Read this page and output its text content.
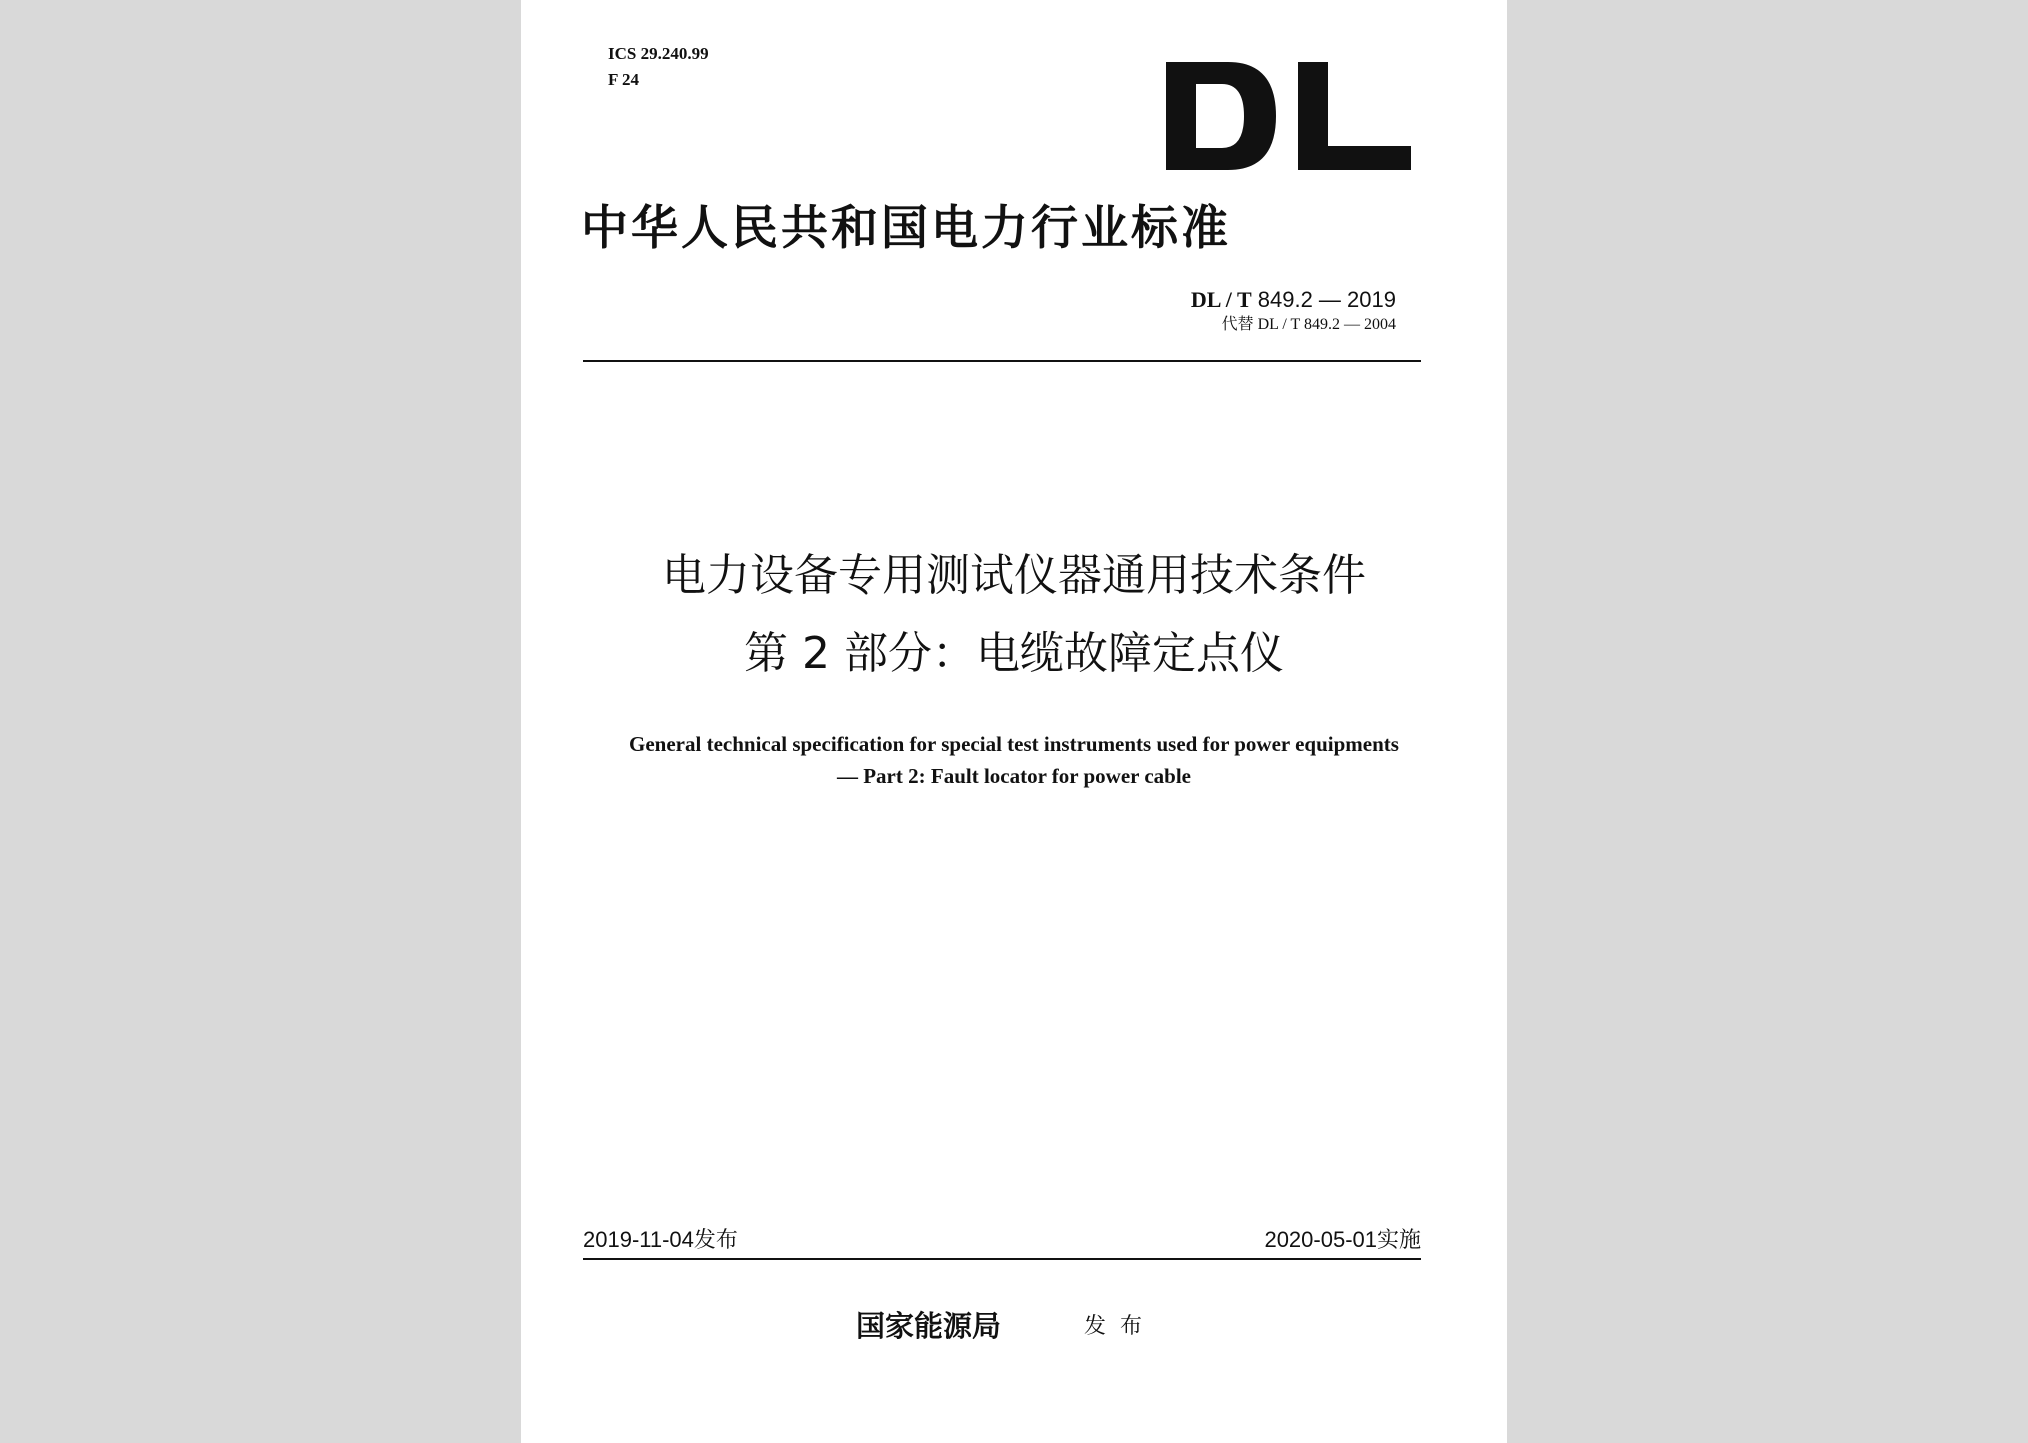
ICS 29.240.99
F 24
中华人民共和国电力行业标准
DL / T 849.2 — 2019
代替 DL / T 849.2 — 2004
电力设备专用测试仪器通用技术条件
第 2 部分：电缆故障定点仪
General technical specification for special test instruments used for power equipments
— Part 2: Fault locator for power cable
2019-11-04发布	2020-05-01实施
国家能源局	发布
